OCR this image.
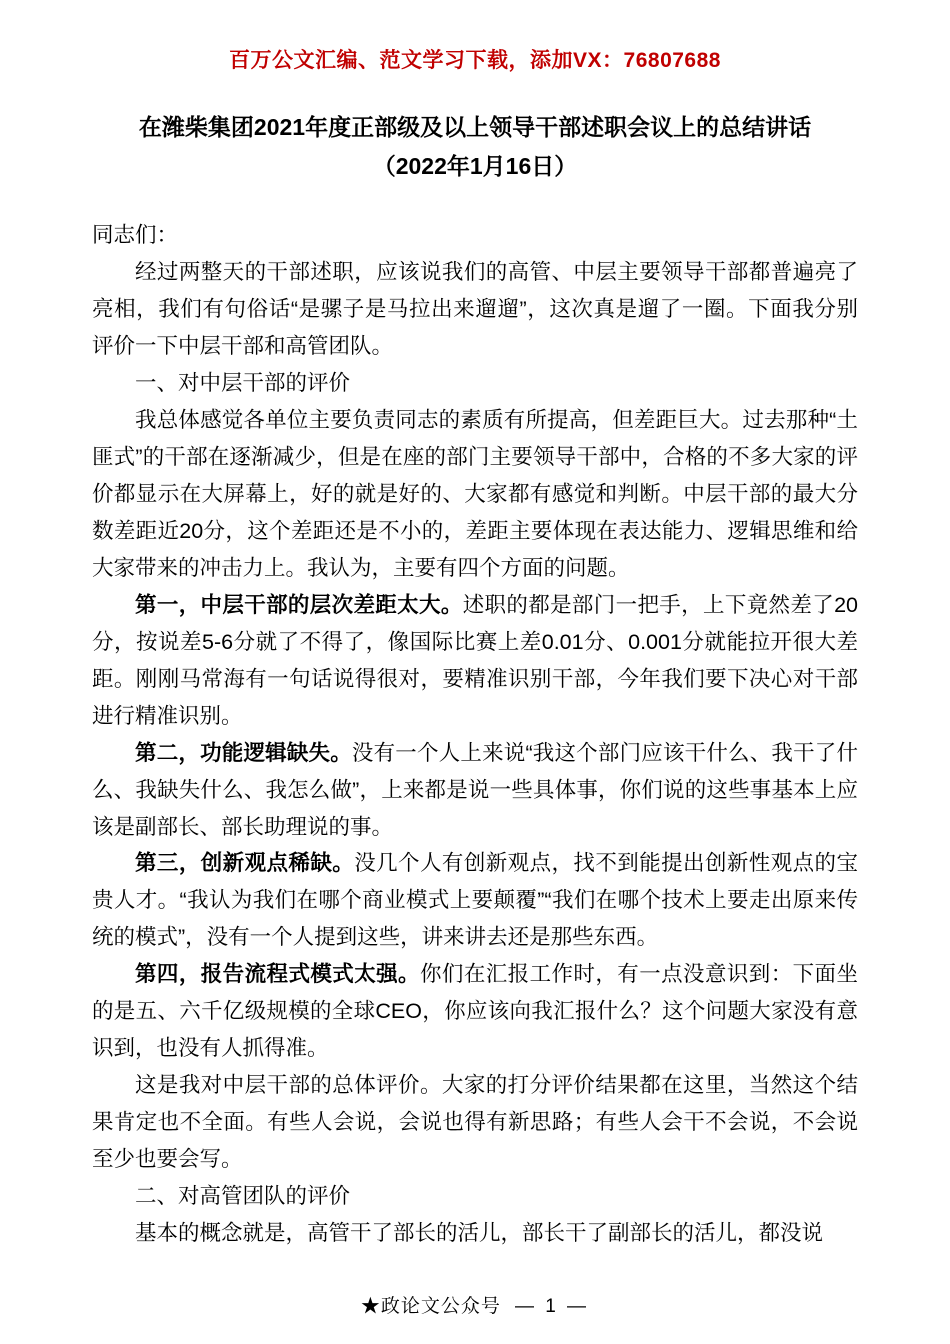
百万公文汇编、范文学习下载，添加VX：76807688
在潍柴集团2021年度正部级及以上领导干部述职会议上的总结讲话
（2022年1月16日）
同志们：
经过两整天的干部述职，应该说我们的高管、中层主要领导干部都普遍亮了亮相，我们有句俗话“是骡子是马拉出来遛遛”，这次真是遛了一圈。下面我分别评价一下中层干部和高管团队。
一、对中层干部的评价
我总体感觉各单位主要负责同志的素质有所提高，但差距巨大。过去那种“土匪式”的干部在逐渐减少，但是在座的部门主要领导干部中，合格的不多大家的评价都显示在大屏幕上，好的就是好的、大家都有感觉和判断。中层干部的最大分数差距近20分，这个差距还是不小的，差距主要体现在表达能力、逻辑思维和给大家带来的冲击力上。我认为，主要有四个方面的问题。
第一，中层干部的层次差距太大。述职的都是部门一把手，上下竟然差了20分，按说差5-6分就了不得了，像国际比赛上差0.01分、0.001分就能拉开很大差距。刚刚马常海有一句话说得很对，要精准识别干部，今年我们要下决心对干部进行精准识别。
第二，功能逻辑缺失。没有一个人上来说“我这个部门应该干什么、我干了什么、我缺失什么、我怎么做”，上来都是说一些具体事，你们说的这些事基本上应该是副部长、部长助理说的事。
第三，创新观点稀缺。没几个人有创新观点，找不到能提出创新性观点的宝贵人才。“我认为我们在哪个商业模式上要颠覆”“我们在哪个技术上要走出原来传统的模式”，没有一个人提到这些，讲来讲去还是那些东西。
第四，报告流程式模式太强。你们在汇报工作时，有一点没意识到：下面坐的是五、六千亿级规模的全球CEO，你应该向我汇报什么？这个问题大家没有意识到，也没有人抓得准。
这是我对中层干部的总体评价。大家的打分评价结果都在这里，当然这个结果肯定也不全面。有些人会说，会说也得有新思路；有些人会干不会说，不会说至少也要会写。
二、对高管团队的评价
基本的概念就是，高管干了部长的活儿，部长干了副部长的活儿，都没说
★政论文公众号 — 1 —
